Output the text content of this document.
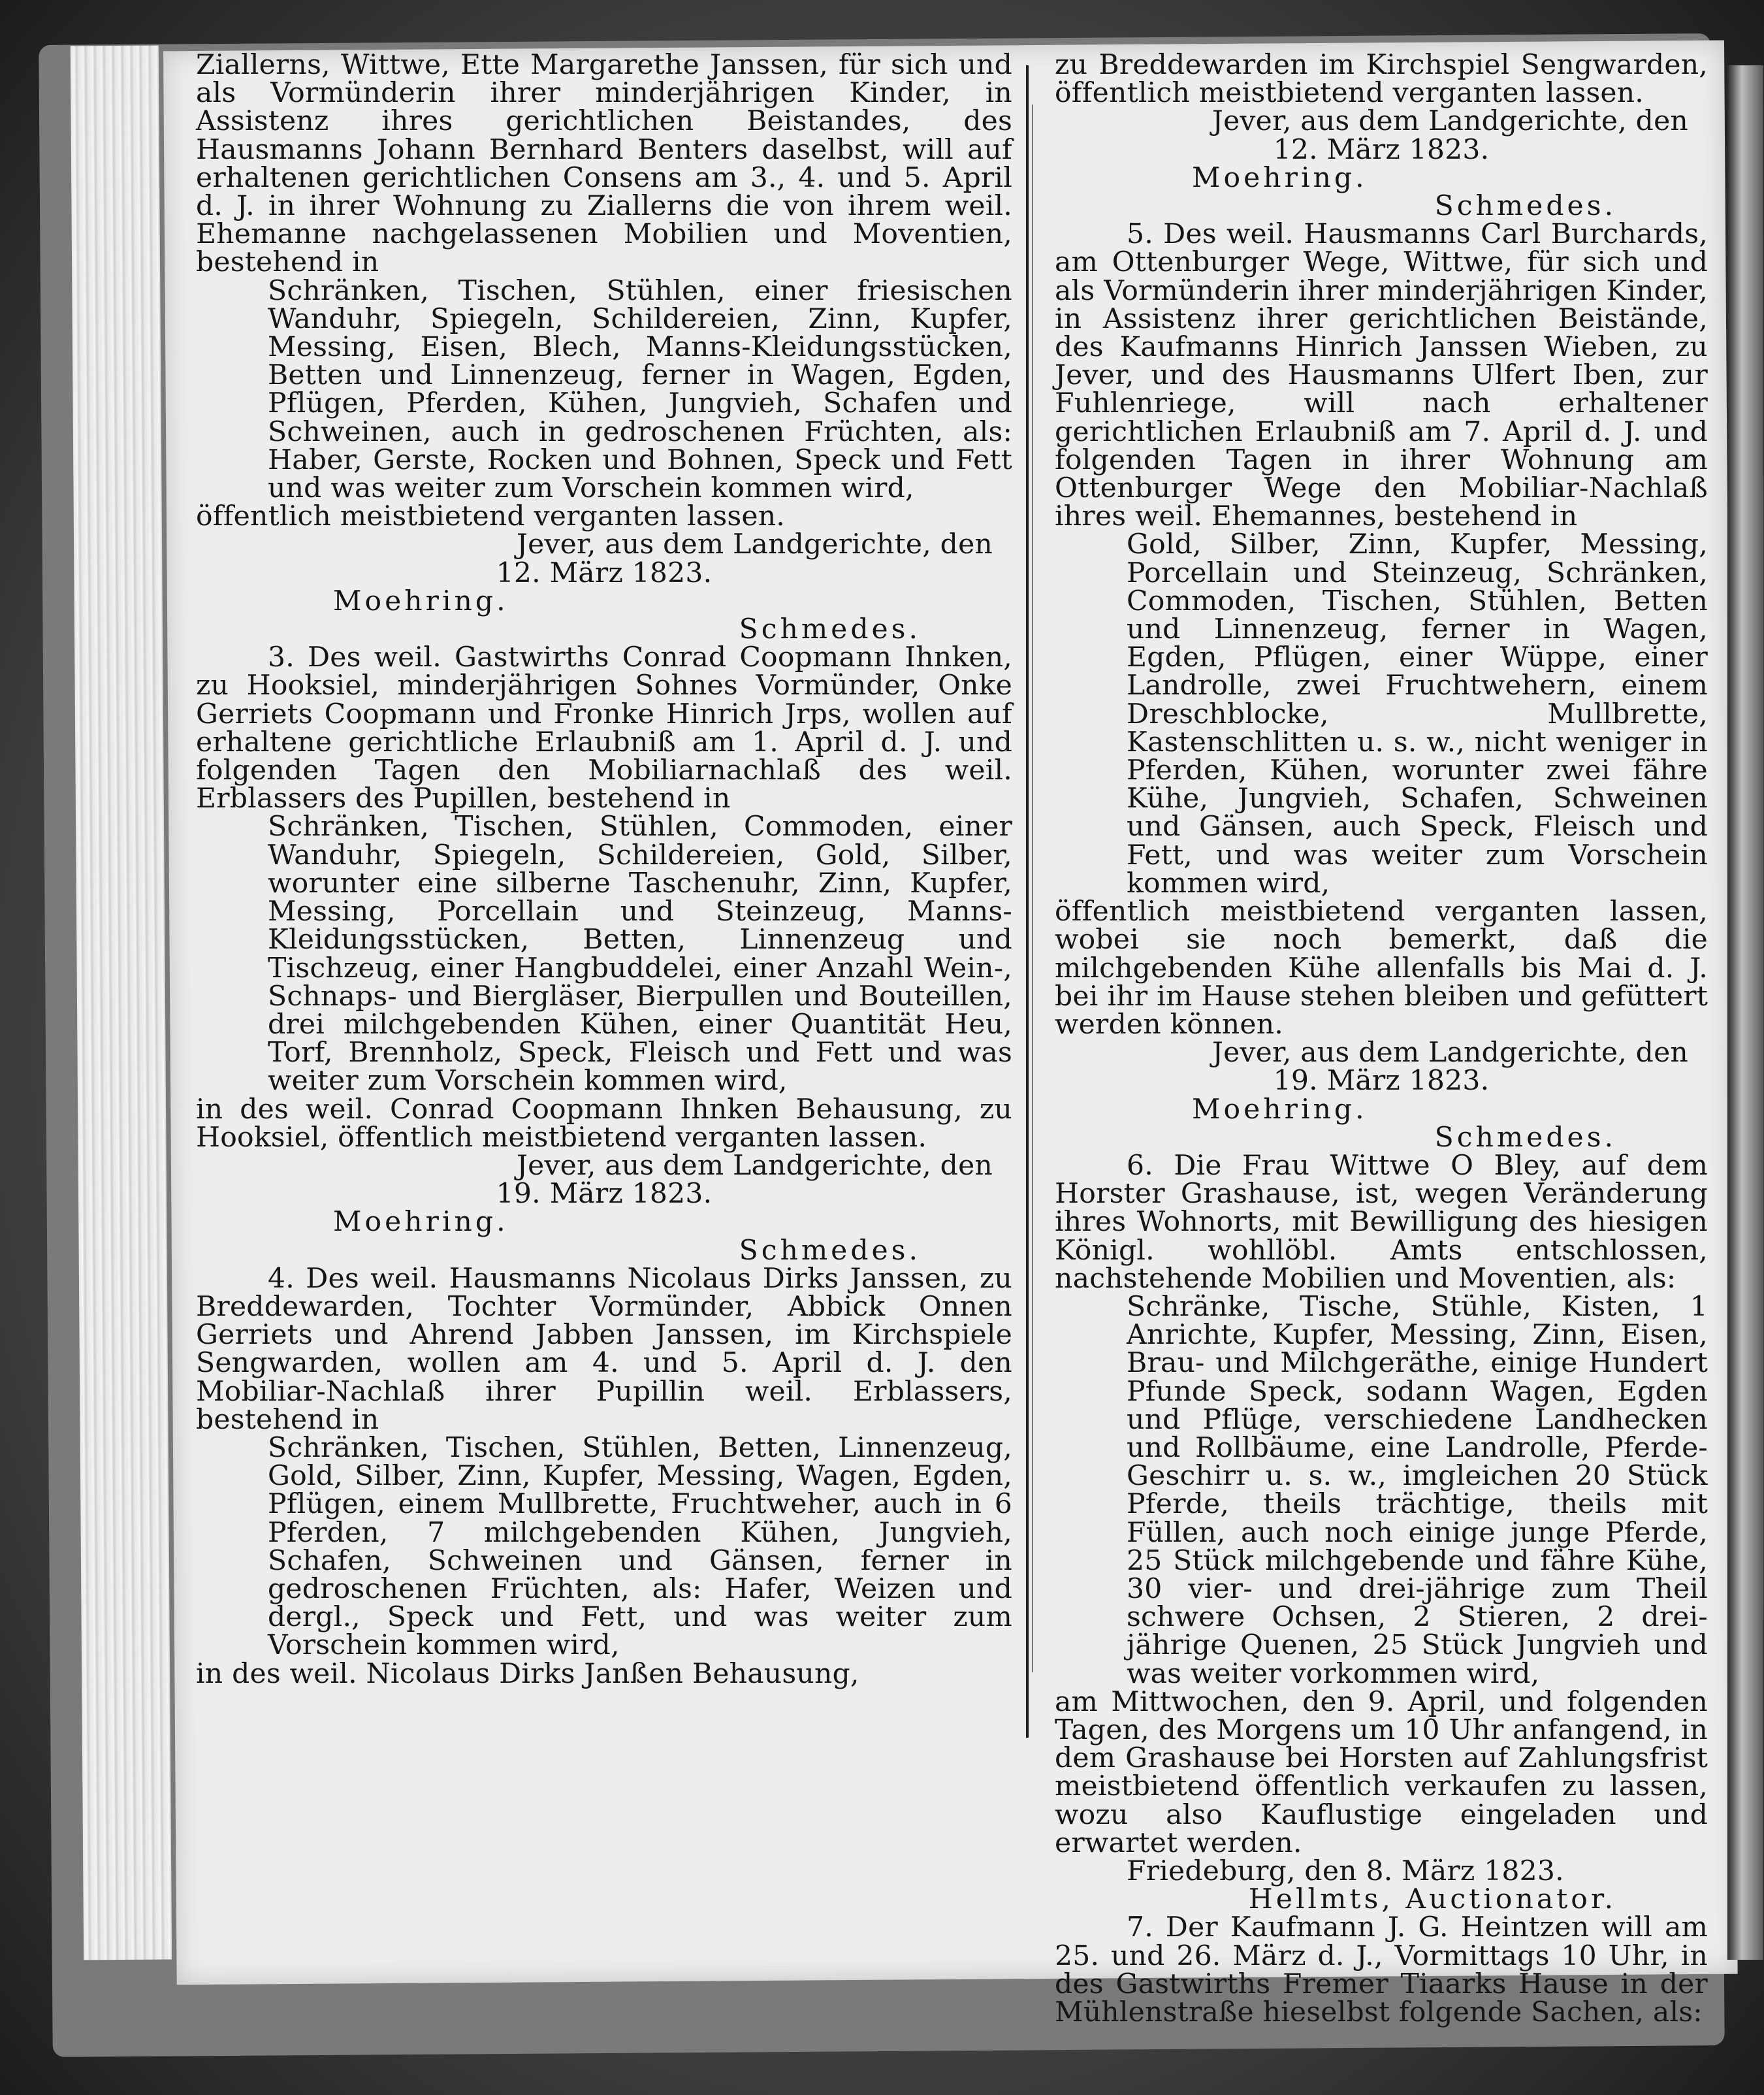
Ziallerns, Wittwe, Ette Margarethe Janssen, für sich und als Vormünderin ihrer minderjährigen Kinder, in Assistenz ihres gerichtlichen Beistandes, des Hausmanns Johann Bernhard Benters daselbst, will auf erhaltenen gerichtlichen Consens am 3., 4. und 5. April d. J. in ihrer Wohnung zu Ziallerns die von ihrem weil. Ehemanne nachgelassenen Mobilien und Moventien, bestehend in

Schränken, Tischen, Stühlen, einer friesischen Wanduhr, Spiegeln, Schildereien, Zinn, Kupfer, Messing, Eisen, Blech, Manns-Kleidungsstücken, Betten und Linnenzeug, ferner in Wagen, Egden, Pflügen, Pferden, Kühen, Jungvieh, Schafen und Schweinen, auch in gedroschenen Früchten, als: Haber, Gerste, Rocken und Bohnen, Speck und Fett und was weiter zum Vorschein kommen wird,

öffentlich meistbietend verganten lassen.

Jever, aus dem Landgerichte, den

12. März 1823.

Moehring.

Schmedes.

3. Des weil. Gastwirths Conrad Coopmann Ihnken, zu Hooksiel, minderjährigen Sohnes Vormünder, Onke Gerriets Coopmann und Fronke Hinrich Jrps, wollen auf erhaltene gerichtliche Erlaubniß am 1. April d. J. und folgenden Tagen den Mobiliarnachlaß des weil. Erblassers des Pupillen, bestehend in

Schränken, Tischen, Stühlen, Commoden, einer Wanduhr, Spiegeln, Schildereien, Gold, Silber, worunter eine silberne Taschenuhr, Zinn, Kupfer, Messing, Porcellain und Steinzeug, Manns-Kleidungsstücken, Betten, Linnenzeug und Tischzeug, einer Hangbuddelei, einer Anzahl Wein-, Schnaps- und Biergläser, Bierpullen und Bouteillen, drei milchgebenden Kühen, einer Quantität Heu, Torf, Brennholz, Speck, Fleisch und Fett und was weiter zum Vorschein kommen wird,

in des weil. Conrad Coopmann Ihnken Behausung, zu Hooksiel, öffentlich meistbietend verganten lassen.

Jever, aus dem Landgerichte, den

19. März 1823.

Moehring.

Schmedes.

4. Des weil. Hausmanns Nicolaus Dirks Janssen, zu Breddewarden, Tochter Vormünder, Abbick Onnen Gerriets und Ahrend Jabben Janssen, im Kirchspiele Sengwarden, wollen am 4. und 5. April d. J. den Mobiliar-Nachlaß ihrer Pupillin weil. Erblassers, bestehend in

Schränken, Tischen, Stühlen, Betten, Linnenzeug, Gold, Silber, Zinn, Kupfer, Messing, Wagen, Egden, Pflügen, einem Mullbrette, Fruchtweher, auch in 6 Pferden, 7 milchgebenden Kühen, Jungvieh, Schafen, Schweinen und Gänsen, ferner in gedroschenen Früchten, als: Hafer, Weizen und dergl., Speck und Fett, und was weiter zum Vorschein kommen wird,

in des weil. Nicolaus Dirks Janßen Behausung,

zu Breddewarden im Kirchspiel Sengwarden, öffentlich meistbietend verganten lassen.

Jever, aus dem Landgerichte, den

12. März 1823.

Moehring.

Schmedes.

5. Des weil. Hausmanns Carl Burchards, am Ottenburger Wege, Wittwe, für sich und als Vormünderin ihrer minderjährigen Kinder, in Assistenz ihrer gerichtlichen Beistände, des Kaufmanns Hinrich Janssen Wieben, zu Jever, und des Hausmanns Ulfert Iben, zur Fuhlenriege, will nach erhaltener gerichtlichen Erlaubniß am 7. April d. J. und folgenden Tagen in ihrer Wohnung am Ottenburger Wege den Mobiliar-Nachlaß ihres weil. Ehemannes, bestehend in

Gold, Silber, Zinn, Kupfer, Messing, Porcellain und Steinzeug, Schränken, Commoden, Tischen, Stühlen, Betten und Linnenzeug, ferner in Wagen, Egden, Pflügen, einer Wüppe, einer Landrolle, zwei Fruchtwehern, einem Dreschblocke, Mullbrette, Kastenschlitten u. s. w., nicht weniger in Pferden, Kühen, worunter zwei fähre Kühe, Jungvieh, Schafen, Schweinen und Gänsen, auch Speck, Fleisch und Fett, und was weiter zum Vorschein kommen wird,

öffentlich meistbietend verganten lassen, wobei sie noch bemerkt, daß die milchgebenden Kühe allenfalls bis Mai d. J. bei ihr im Hause stehen bleiben und gefüttert werden können.

Jever, aus dem Landgerichte, den

19. März 1823.

Moehring.

Schmedes.

6. Die Frau Wittwe O Bley, auf dem Horster Grashause, ist, wegen Veränderung ihres Wohnorts, mit Bewilligung des hiesigen Königl. wohllöbl. Amts entschlossen, nachstehende Mobilien und Moventien, als:

Schränke, Tische, Stühle, Kisten, 1 Anrichte, Kupfer, Messing, Zinn, Eisen, Brau- und Milchgeräthe, einige Hundert Pfunde Speck, sodann Wagen, Egden und Pflüge, verschiedene Landhecken und Rollbäume, eine Landrolle, Pferde-Geschirr u. s. w., imgleichen 20 Stück Pferde, theils trächtige, theils mit Füllen, auch noch einige junge Pferde, 25 Stück milchgebende und fähre Kühe, 30 vier- und drei-jährige zum Theil schwere Ochsen, 2 Stieren, 2 drei-jährige Quenen, 25 Stück Jungvieh und was weiter vorkommen wird,

am Mittwochen, den 9. April, und folgenden Tagen, des Morgens um 10 Uhr anfangend, in dem Grashause bei Horsten auf Zahlungsfrist meistbietend öffentlich verkaufen zu lassen, wozu also Kauflustige eingeladen und erwartet werden.

Friedeburg, den 8. März 1823.

Hellmts, Auctionator.

7. Der Kaufmann J. G. Heintzen will am 25. und 26. März d. J., Vormittags 10 Uhr, in des Gastwirths Fremer Tiaarks Hause in der Mühlenstraße hieselbst folgende Sachen, als:
